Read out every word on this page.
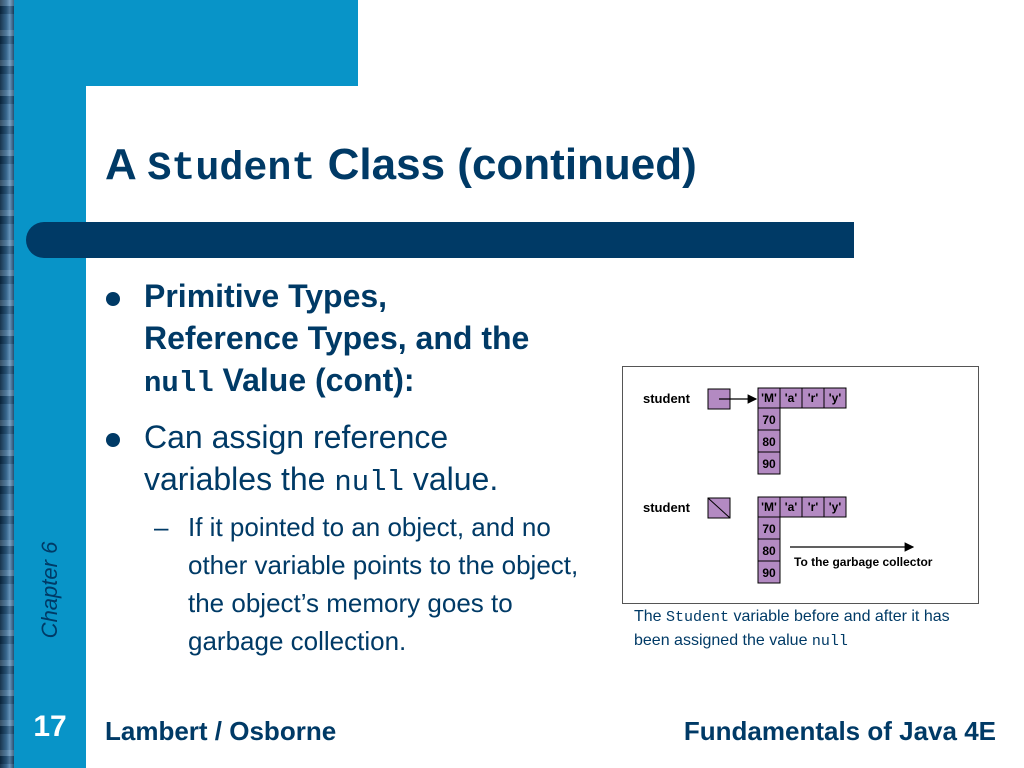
Chapter 6
17
A Student Class (continued)
Primitive Types,
Reference Types, and the
null Value (cont):
Can assign reference
variables the null value.
– If it pointed to an object, and no other variable points to the object, the object’s memory goes to garbage collection.
student	'M' 'a' 'r' 'y'
70
80
90
student	'M' 'a' 'r' 'y'
70
80
90
To the garbage collector
The Student variable before and after it has been assigned the value null
Lambert / Osborne	Fundamentals of Java 4E
